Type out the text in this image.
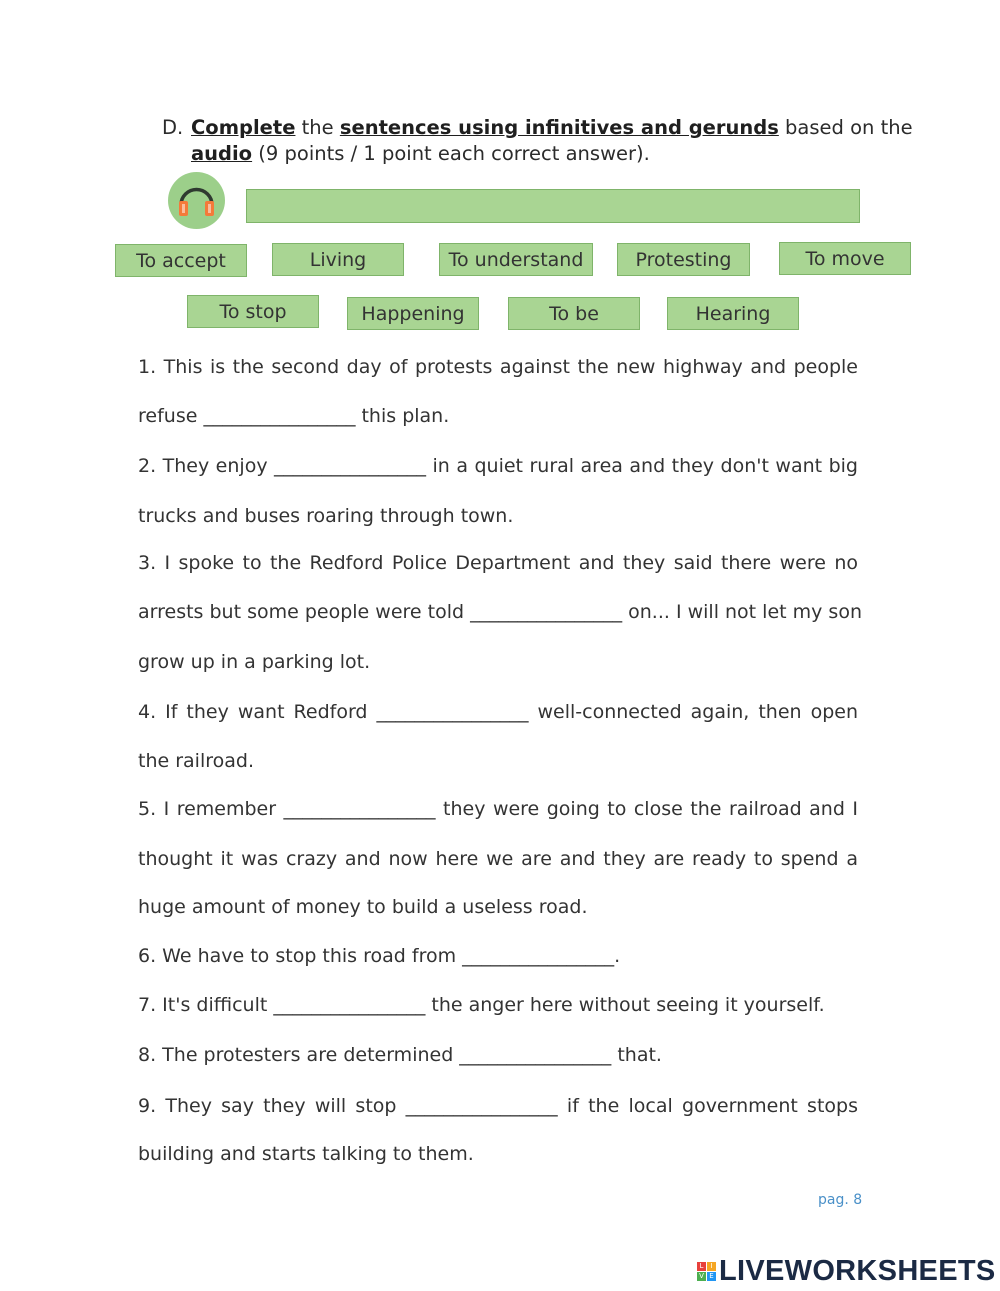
D. Complete the sentences using infinitives and gerunds based on the
audio (9 points / 1 point each correct answer).
To accept	Living	To understand	Protesting	To move
To stop	Happening	To be	Hearing
1. This is the second day of protests against the new highway and people
refuse ________________ this plan.
2. They enjoy ________________ in a quiet rural area and they don't want big
trucks and buses roaring through town.
3. I spoke to the Redford Police Department and they said there were no
arrests but some people were told ________________ on... I will not let my son
grow up in a parking lot.
4. If they want Redford ________________ well-connected again, then open
the railroad.
5. I remember ________________ they were going to close the railroad and I
thought it was crazy and now here we are and they are ready to spend a
huge amount of money to build a useless road.
6. We have to stop this road from ________________.
7. It's difficult ________________ the anger here without seeing it yourself.
8. The protesters are determined ________________ that.
9. They say they will stop ________________ if the local government stops
building and starts talking to them.
pag. 8
L	I
V E LIVEWORKSHEETS
